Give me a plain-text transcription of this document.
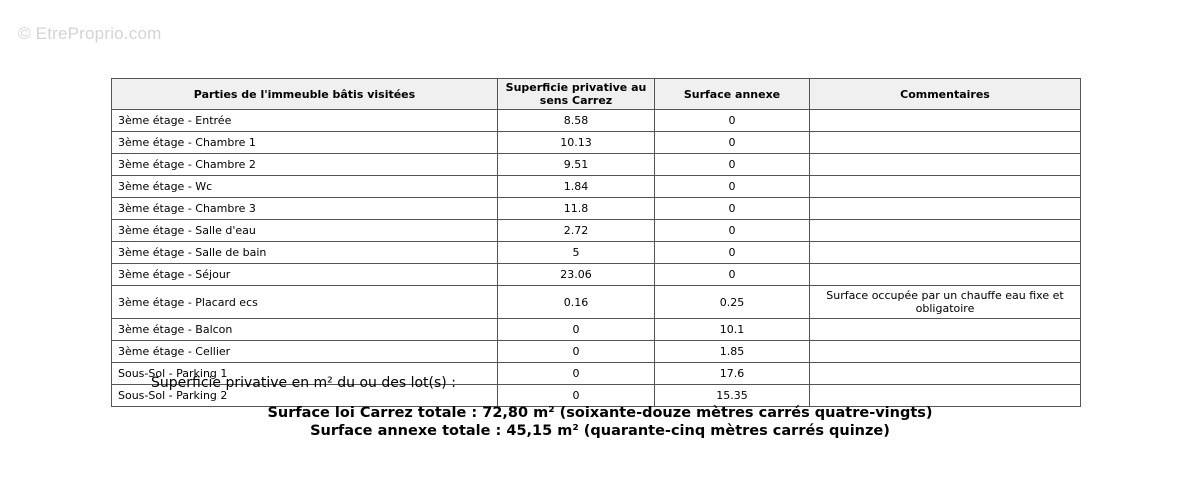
© EtreProprio.com
Parties de l'immeuble bâtis visitées	Superficie privative au sens Carrez	Surface annexe	Commentaires
3ème étage - Entrée	8.58	0	
3ème étage - Chambre 1	10.13	0	
3ème étage - Chambre 2	9.51	0	
3ème étage - Wc	1.84	0	
3ème étage - Chambre 3	11.8	0	
3ème étage - Salle d'eau	2.72	0	
3ème étage - Salle de bain	5	0	
3ème étage - Séjour	23.06	0	
3ème étage - Placard ecs	0.16	0.25	Surface occupée par un chauffe eau fixe et obligatoire
3ème étage - Balcon	0	10.1	
3ème étage - Cellier	0	1.85	
Sous-Sol - Parking 1	0	17.6	
Sous-Sol - Parking 2	0	15.35	
Superficie privative en m² du ou des lot(s) :
Surface loi Carrez totale : 72,80 m² (soixante-douze mètres carrés quatre-vingts)
Surface annexe totale : 45,15 m² (quarante-cinq mètres carrés quinze)
